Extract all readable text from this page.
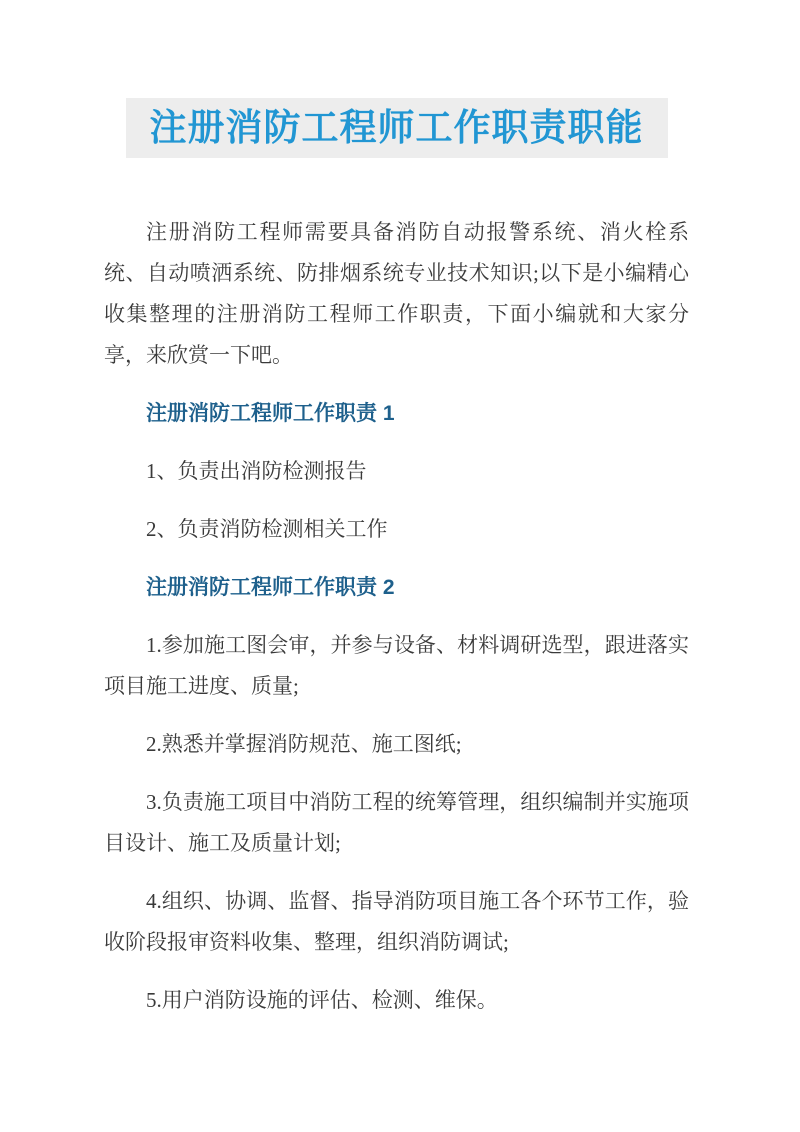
注册消防工程师工作职责职能

注册消防工程师需要具备消防自动报警系统、消火栓系统、自动喷洒系统、防排烟系统专业技术知识;以下是小编精心收集整理的注册消防工程师工作职责，下面小编就和大家分享，来欣赏一下吧。

注册消防工程师工作职责 1

1、负责出消防检测报告

2、负责消防检测相关工作

注册消防工程师工作职责 2

1.参加施工图会审，并参与设备、材料调研选型，跟进落实项目施工进度、质量;

2.熟悉并掌握消防规范、施工图纸;

3.负责施工项目中消防工程的统筹管理，组织编制并实施项目设计、施工及质量计划;

4.组织、协调、监督、指导消防项目施工各个环节工作，验收阶段报审资料收集、整理，组织消防调试;

5.用户消防设施的评估、检测、维保。
